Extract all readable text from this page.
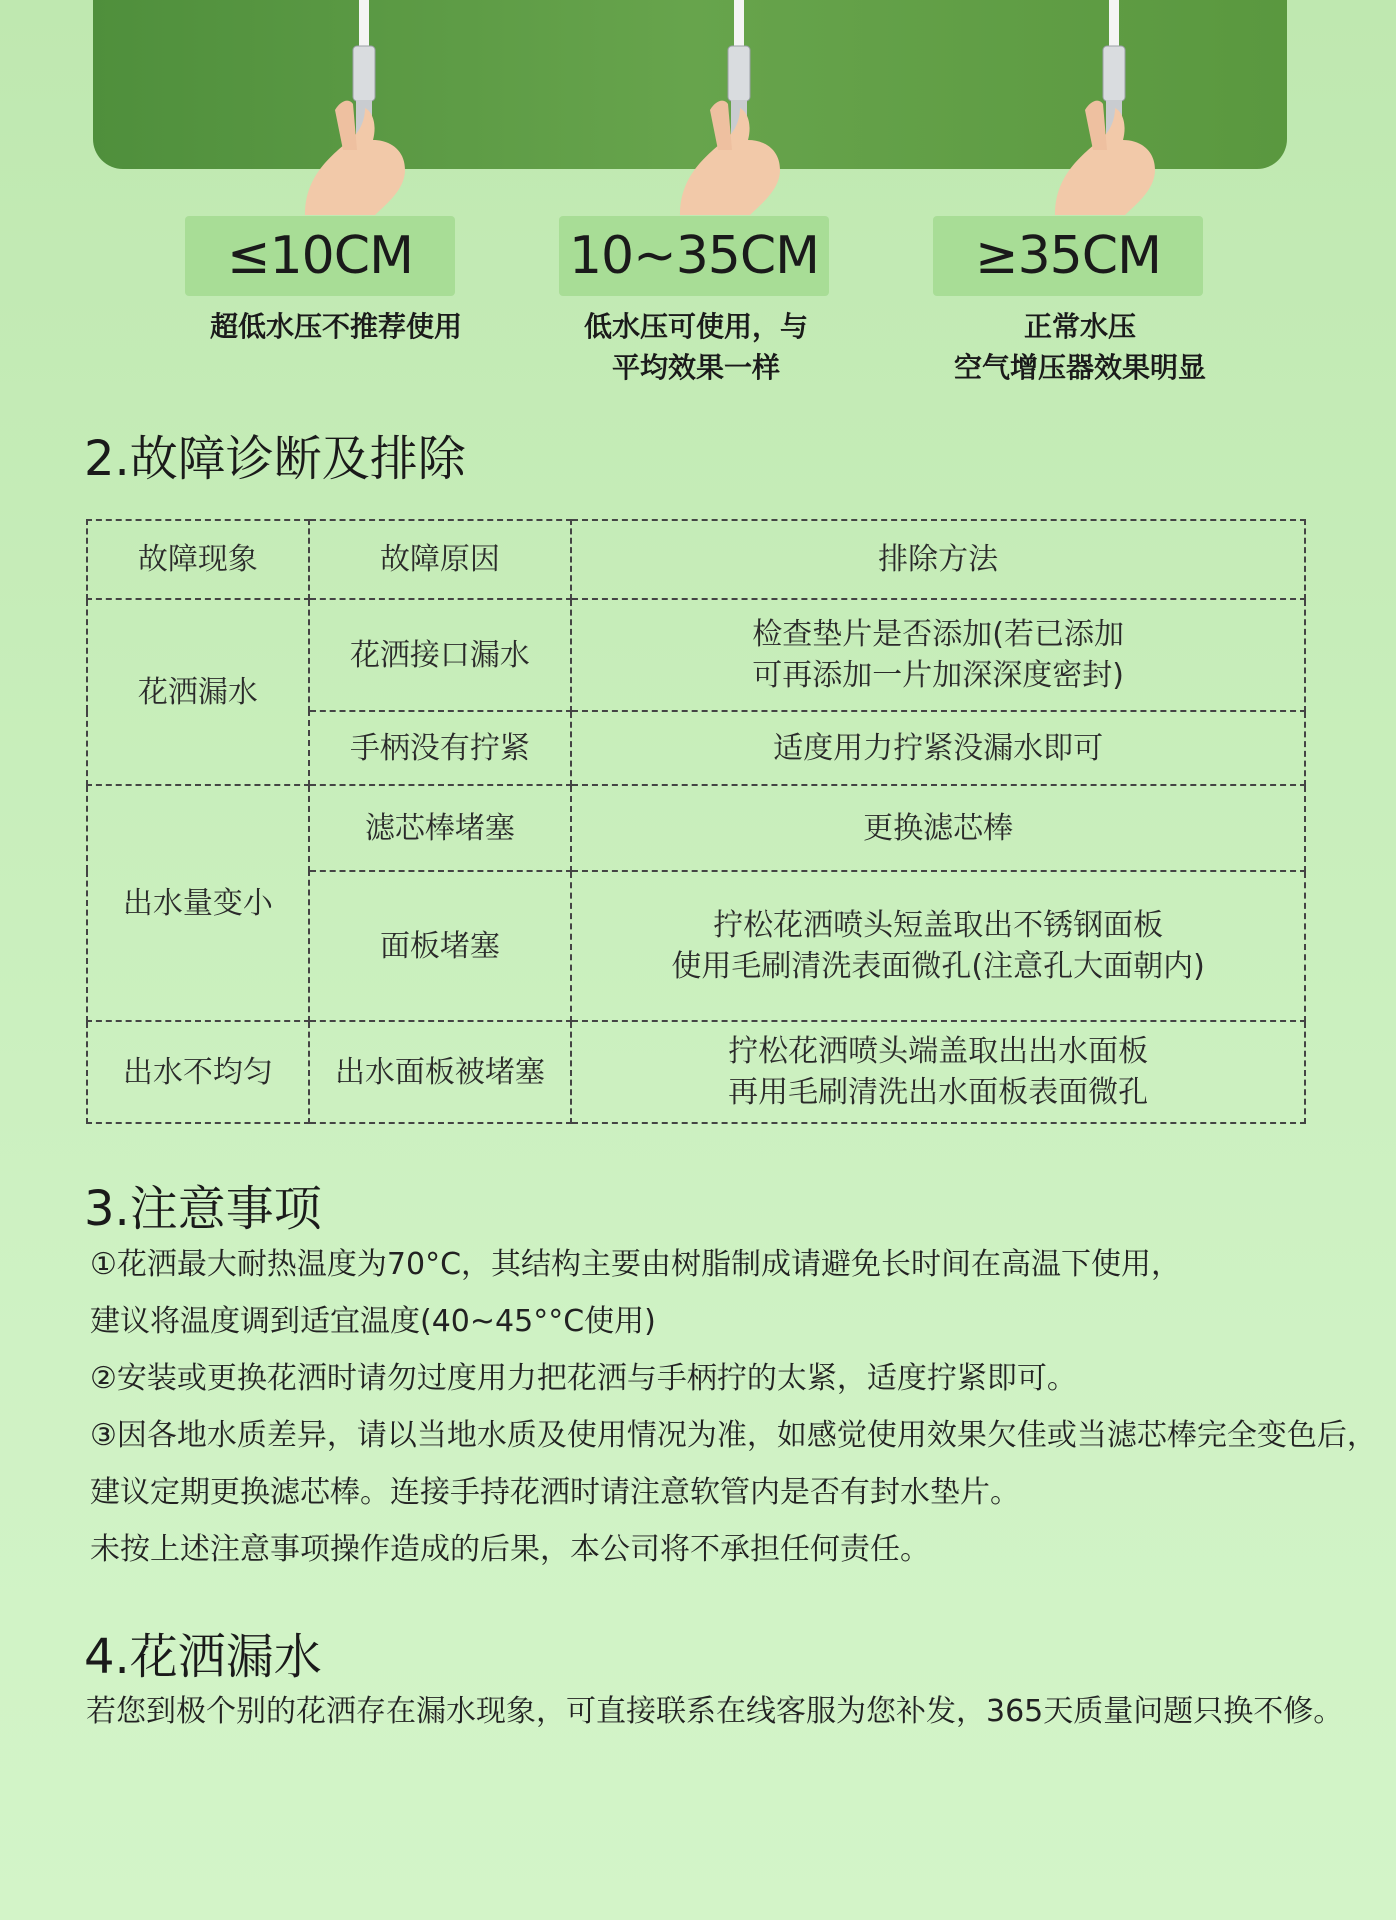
≤10CM	10~35CM	≥35CM
超低水压不推荐使用	低水压可使用，与
平均效果一样
正常水压
空气增压器效果明显
2.故障诊断及排除
故障现象	故障原因	排除方法
花洒漏水	花洒接口漏水	检查垫片是否添加(若已添加
可再添加一片加深深度密封)

	手柄没有拧紧	适度用力拧紧没漏水即可

出水量变小	滤芯棒堵塞	更换滤芯棒

	面板堵塞	拧松花洒喷头短盖取出不锈钢面板
使用毛刷清洗表面微孔(注意孔大面朝内)

出水不均匀	出水面板被堵塞	拧松花洒喷头端盖取出出水面板
再用毛刷清洗出水面板表面微孔
3.注意事项

①花洒最大耐热温度为70°C，其结构主要由树脂制成请避免长时间在高温下使用，

建议将温度调到适宜温度(40~45°°C使用)

②安装或更换花洒时请勿过度用力把花洒与手柄拧的太紧，适度拧紧即可。

③因各地水质差异，请以当地水质及使用情况为准，如感觉使用效果欠佳或当滤芯棒完全变色后，

建议定期更换滤芯棒。连接手持花洒时请注意软管内是否有封水垫片。

未按上述注意事项操作造成的后果，本公司将不承担任何责任。

4.花洒漏水
若您到极个别的花洒存在漏水现象，可直接联系在线客服为您补发，365天质量问题只换不修。
